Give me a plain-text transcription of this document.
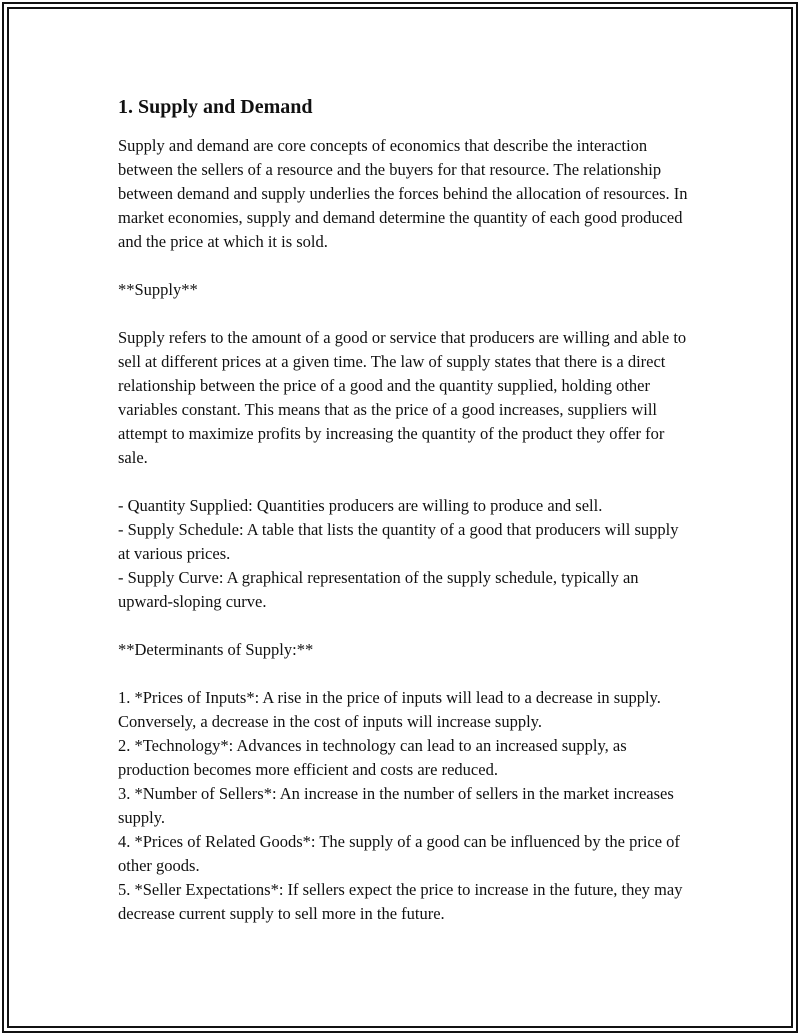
1. Supply and Demand

Supply and demand are core concepts of economics that describe the interaction between the sellers of a resource and the buyers for that resource. The relationship between demand and supply underlies the forces behind the allocation of resources. In market economies, supply and demand determine the quantity of each good produced and the price at which it is sold.

**Supply**

Supply refers to the amount of a good or service that producers are willing and able to sell at different prices at a given time. The law of supply states that there is a direct relationship between the price of a good and the quantity supplied, holding other variables constant. This means that as the price of a good increases, suppliers will attempt to maximize profits by increasing the quantity of the product they offer for sale.

- Quantity Supplied: Quantities producers are willing to produce and sell.

- Supply Schedule: A table that lists the quantity of a good that producers will supply at various prices.

- Supply Curve: A graphical representation of the supply schedule, typically an upward-sloping curve.

**Determinants of Supply:**

1. *Prices of Inputs*: A rise in the price of inputs will lead to a decrease in supply. Conversely, a decrease in the cost of inputs will increase supply.

2. *Technology*: Advances in technology can lead to an increased supply, as production becomes more efficient and costs are reduced.

3. *Number of Sellers*: An increase in the number of sellers in the market increases supply.

4. *Prices of Related Goods*: The supply of a good can be influenced by the price of other goods.

5. *Seller Expectations*: If sellers expect the price to increase in the future, they may decrease current supply to sell more in the future.
